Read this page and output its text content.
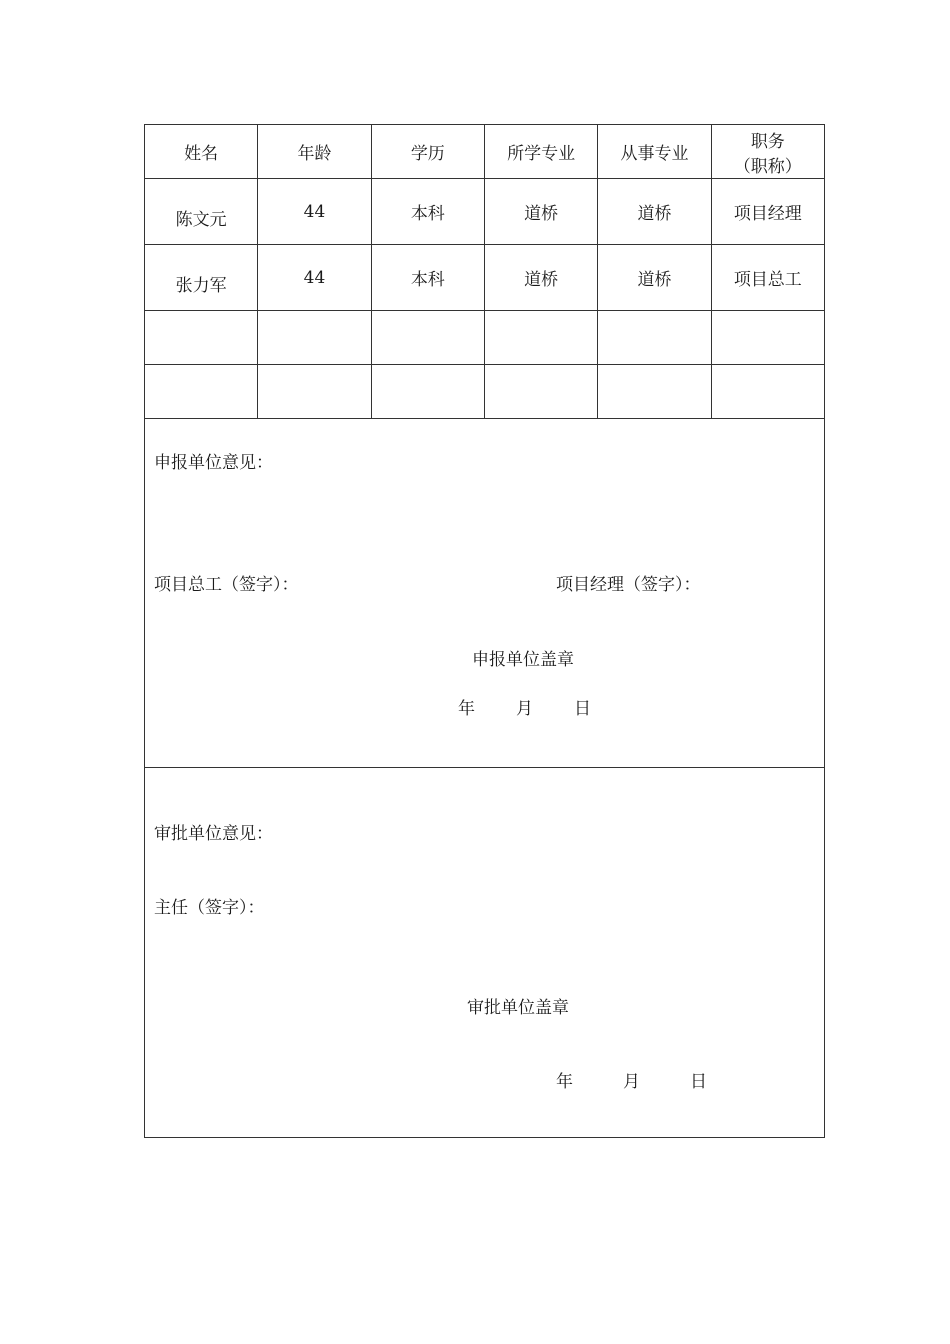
姓名	年龄	学历	所学专业	从事专业	职务
（职称）

陈文元	44	本科	道桥	道桥	项目经理
张力军	44	本科	道桥	道桥	项目总工

申报单位意见：
项目总工（签字）：	项目经理（签字）：
申报单位盖章
年 月 日
审批单位意见：
主任（签字）：
审批单位盖章
年	月	日
